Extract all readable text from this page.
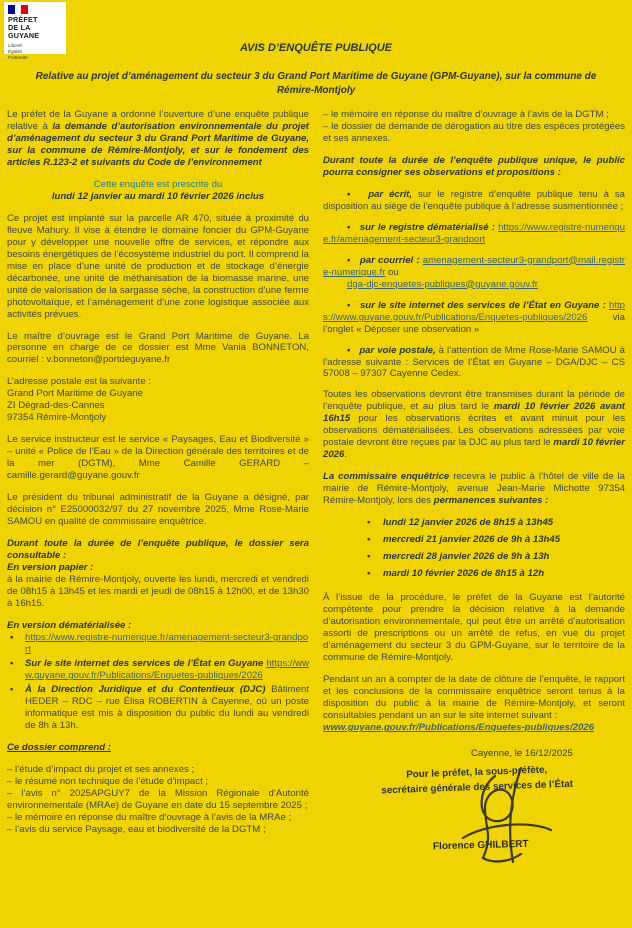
PRÉFET
DE LA GUYANE
Liberté
Égalité
Fraternité
AVIS D’ENQUÊTE PUBLIQUE
Relative au projet d’aménagement du secteur 3 du Grand Port Maritime de Guyane (GPM-Guyane), sur la commune de Rémire-Montjoly

Le préfet de la Guyane a ordonné l’ouverture d’une enquête publique relative à la demande d’autorisation environnementale du projet d’aménagement du secteur 3 du Grand Port Maritime de Guyane, sur la commune de Rémire-Montjoly, et sur le fondement des articles R.123-2 et suivants du Code de l’environnement

Cette enquête est prescrite du
lundi 12 janvier au mardi 10 février 2026 inclus

Ce projet est implanté sur la parcelle AR 470, située à proximité du fleuve Mahury. Il vise à étendre le domaine foncier du GPM-Guyane pour y développer une nouvelle offre de services, et répondre aux besoins énergétiques de l’écosystème industriel du port. Il comprend la mise en place d’une unité de production et de stockage d’énergie décarbonée, une unité de méthanisation de la biomasse marine, une unité de valorisation de la sargasse sèche, la construction d’une ferme photovoltaïque, et l’aménagement d’une zone logistique associée aux activités prévues.

Le maître d’ouvrage est le Grand Port Maritime de Guyane. La personne en charge de ce dossier est Mme Vania BONNETON, courriel : v.bonneton@portdeguyane.fr

L’adresse postale est la suivante :
Grand Port Maritime de Guyane
ZI Dégrad-des-Cannes
97354 Rémire-Montjoly

Le service instructeur est le service « Paysages, Eau et Biodiversité » – unité « Police de l’Eau » de la Direction générale des territoires et de la mer (DGTM), Mme Camille GERARD – camille.gerard@guyane.gouv.fr

Le président du tribunal administratif de la Guyane a désigné, par décision n° E25000032/97 du 27 novembre 2025, Mme Rose-Marie SAMOU en qualité de commissaire enquêtrice.

Durant toute la durée de l’enquête publique, le dossier sera consultable :
En version papier :
à la mairie de Rémire-Montjoly, ouverte les lundi, mercredi et vendredi de 08h15 à 13h45 et les mardi et jeudi de 08h15 à 12h00, et de 13h30 à 16h15.
En version dématérialisée :
• https://www.registre-numerique.fr/amenagement-secteur3-grandport
• Sur le site internet des services de l’État en Guyane https://www.guyane.gouv.fr/Publications/Enquetes-publiques/2026
• À la Direction Juridique et du Contentieux (DJC) Bâtiment HEDER – RDC – rue Élisa ROBERTIN à Cayenne, où un poste informatique est mis à disposition du public du lundi au vendredi de 8h à 13h.
Ce dossier comprend :
– l’étude d’impact du projet et ses annexes ;
– le résumé non technique de l’étude d’impact ;
– l’avis n° 2025APGUY7 de la Mission Régionale d’Autorité environnementale (MRAe) de Guyane en date du 15 septembre 2025 ;
– le mémoire en réponse du maître d’ouvrage à l’avis de la MRAe ;
– l’avis du service Paysage, eau et biodiversité de la DGTM ;
– le mémoire en réponse du maître d’ouvrage à l’avis de la DGTM ;
– le dossier de demande de dérogation au titre des espèces protégées et ses annexes.
Durant toute la durée de l’enquête publique unique, le public pourra consigner ses observations et propositions :
•  par écrit, sur le registre d’enquête publique tenu à sa disposition au siège de l’enquête publique à l’adresse susmentionnée ;
•  sur le registre dématérialisé : https://www.registre-numerique.fr/amenagement-secteur3-grandport
•  par courriel : amenagement-secteur3-grandport@mail.registre-numerique.fr ou
dga-djc-enquetes-publiques@guyane.gouv.fr
•  sur le site internet des services de l’État en Guyane : https://www.guyane.gouv.fr/Publications/Enquetes-publiques/2026 via l’onglet « Déposer une observation »
•  par voie postale, à l’attention de Mme Rose-Marie SAMOU à l’adresse suivante : Services de l’État en Guyane – DGA/DJC – CS 57008 – 97307 Cayenne Cedex.

Toutes les observations devront être transmises durant la période de l’enquête publique, et au plus tard le mardi 10 février 2026 avant 16h15 pour les observations écrites et avant minuit pour les observations dématérialisées. Les observations adressées par voie postale devront être reçues par la DJC au plus tard le mardi 10 février 2026.

La commissaire enquêtrice recevra le public à l’hôtel de ville de la mairie de Rémire-Montjoly, avenue Jean-Marie Michotte 97354 Rémire-Montjoly, lors des permanences suivantes :

• lundi 12 janvier 2026 de 8h15 à 13h45
• mercredi 21 janvier 2026 de 9h à 13h45
• mercredi 28 janvier 2026 de 9h à 13h
• mardi 10 février 2026 de 8h15 à 12h

À l’issue de la procédure, le préfet de la Guyane est l’autorité compétente pour prendre la décision relative à la demande d’autorisation environnementale, qui peut être un arrêté d’autorisation assorti de prescriptions ou un arrêté de refus, en vue du projet d’aménagement du secteur 3 du GPM-Guyane, sur le territoire de la commune de Rémire-Montjoly.

Pendant un an à compter de la date de clôture de l’enquête, le rapport et les conclusions de la commissaire enquêtrice seront tenus à la disposition du public à la mairie de Rémire-Montjoly, et seront consultables pendant un an sur le site internet suivant :
www.guyane.gouv.fr/Publications/Enquetes-publiques/2026
Cayenne, le 16/12/2025
Pour le préfet, la sous-préfète,
secrétaire générale des services de l’État
Florence GHILBERT
